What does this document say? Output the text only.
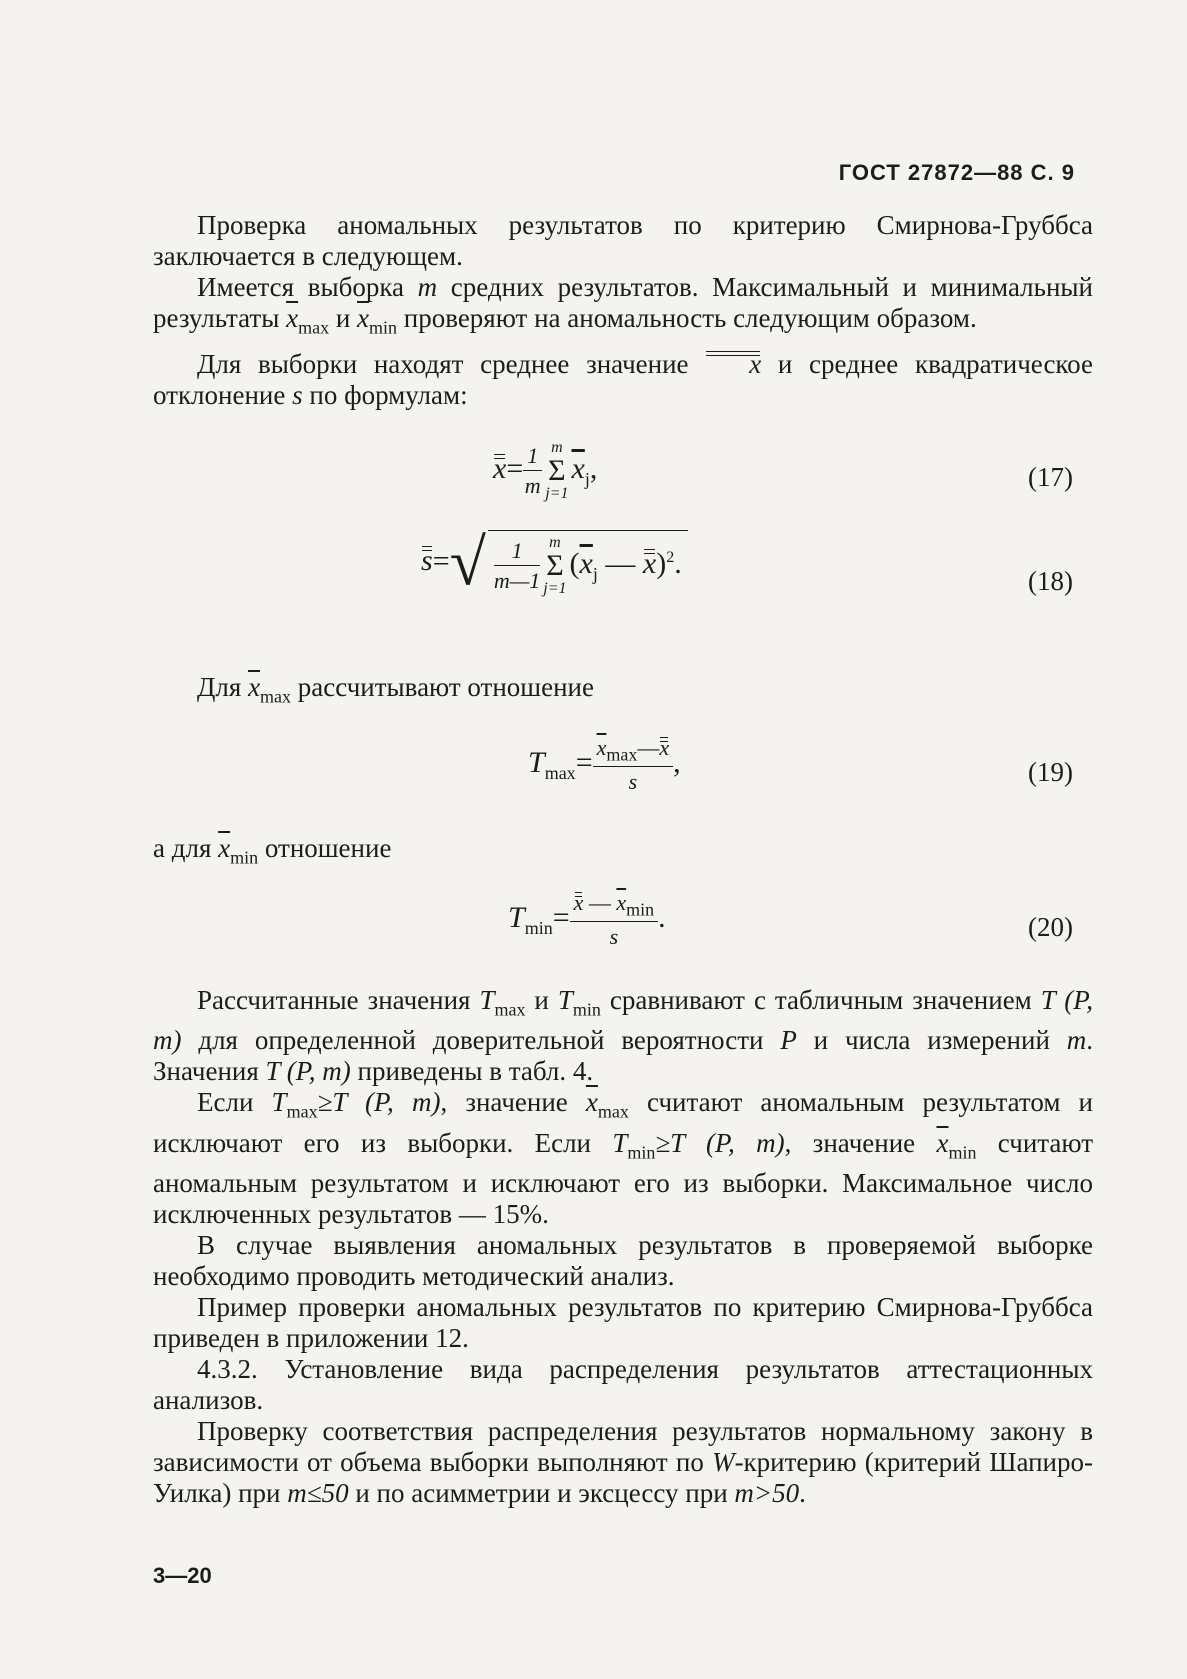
ГОСТ 27872—88 С. 9

Проверка аномальных результатов по критерию Смирнова-Груббса заключается в следующем.

Имеется выборка m средних результатов. Максимальный и минимальный результаты $\overline{x}_{max}$ и $\overline{x}_{min}$ проверяют на аномальность следующим образом.

Для выборки находят среднее значение x и среднее квадратическое отклонение s по формулам:

$x= \frac{1}{m}$ m
Σ
$j=1\overline{x}_j$,	(17)
$s=√ \frac{1}{m—1}$ m
Σ
$j=1(\overline{x}_j$ — x)$^2$.
(18)

Для $\overline{x}_{max}$ рассчитывают отношение

$T_{max}= \frac{\overline{x}_{max}—x}{s}$ ,	(19)

а для $\overline{x}_{min}$ отношение

$T_{min}= \frac{x — \overline{x}_{min}}{s}$ .	(20)

Рассчитанные значения $T_{max}$ и $T_{min}$ сравнивают с табличным значением T (P, m) для определенной доверительной вероятности P и числа измерений m. Значения T (P, m) приведены в табл. 4.

Если $T_{max}\ge T$ (P, m), значение $\overline{x}_{max}$ считают аномальным результатом и исключают его из выборки. Если $T_{min}\ge T$ (P, m), значение $\overline{x}_{min}$ считают аномальным результатом и исключают его из выборки. Максимальное число исключенных результатов — 15%.

В случае выявления аномальных результатов в проверяемой выборке необходимо проводить методический анализ.

Пример проверки аномальных результатов по критерию Смирнова-Груббса приведен в приложении 12.

4.3.2. Установление вида распределения результатов аттестационных анализов.

Проверку соответствия распределения результатов нормальному закону в зависимости от объема выборки выполняют по W-критерию (критерий Шапиро-Уилка) при m≤50 и по асимметрии и эксцессу при m>50.

3—20
